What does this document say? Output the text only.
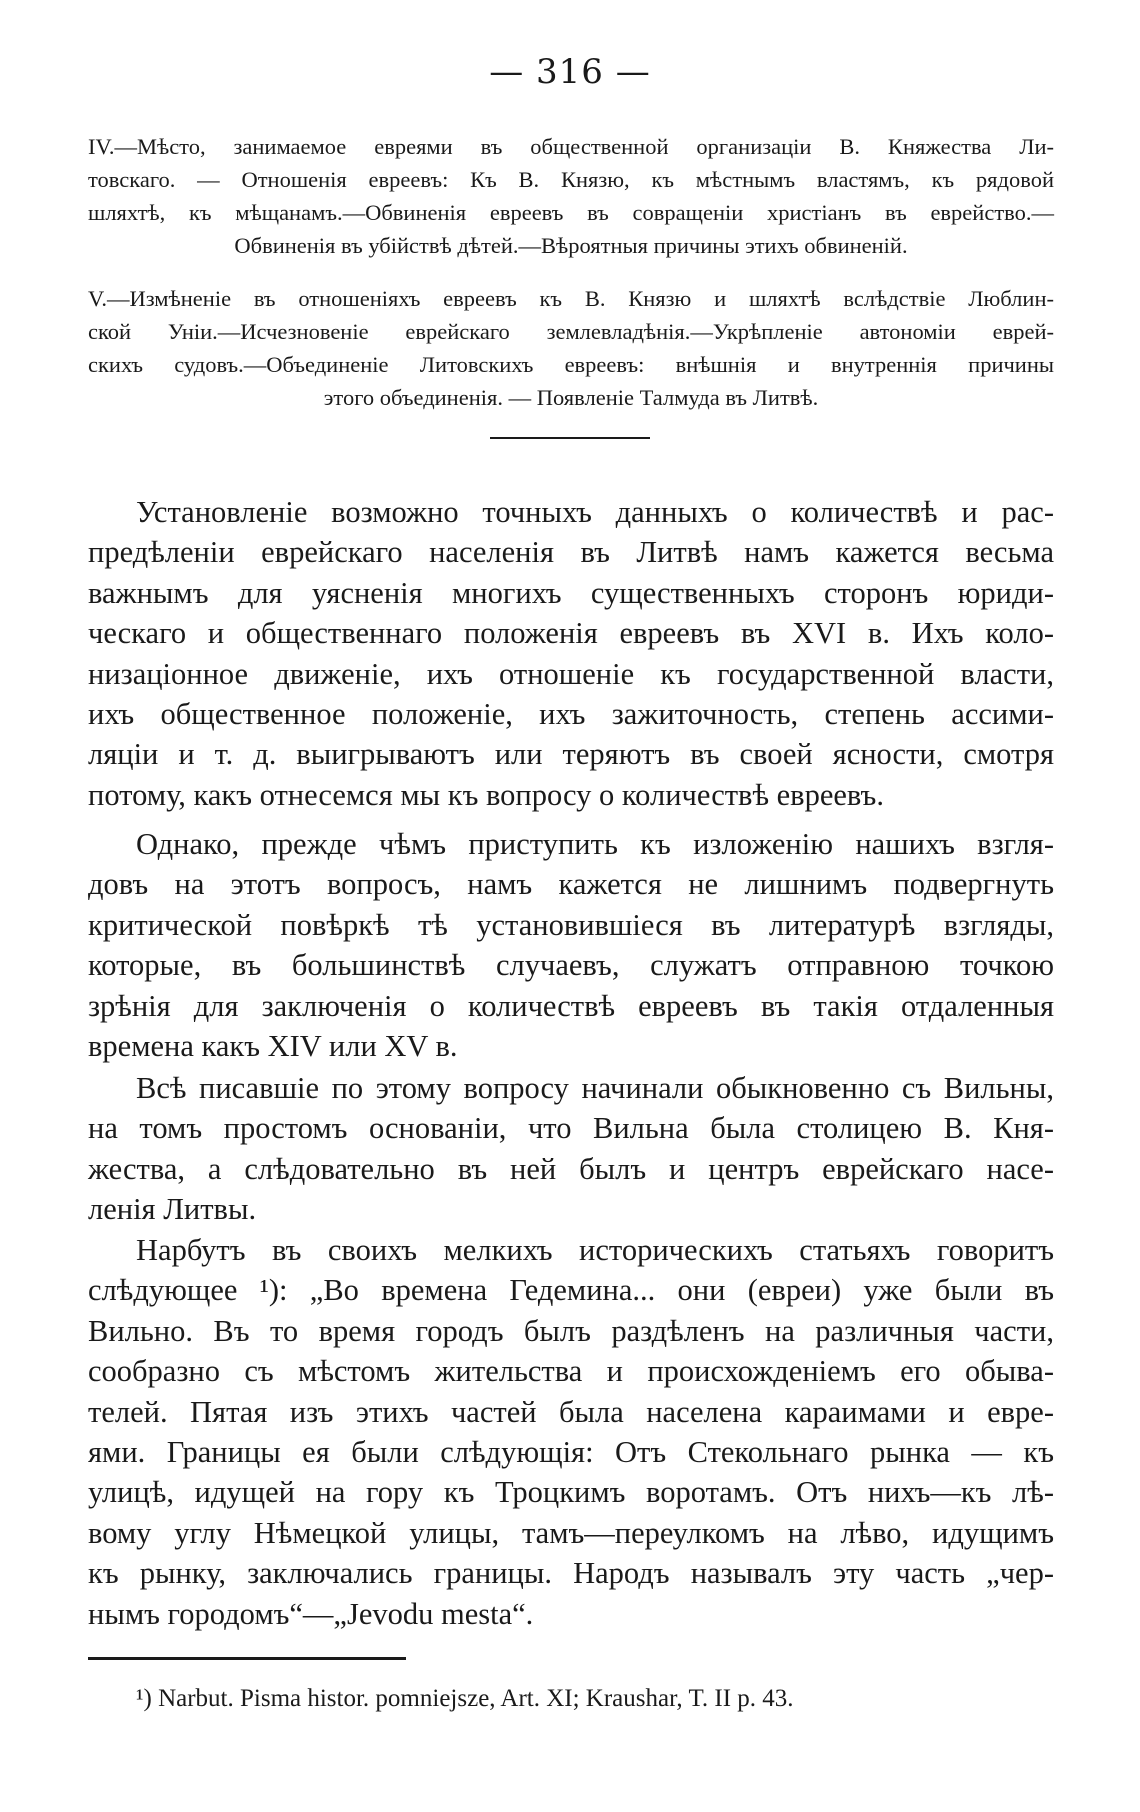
— 316 —
IV.—Мѣсто, занимаемое евреями въ общественной организаціи В. Княжества Ли-
товскаго. — Отношенія евреевъ: Къ В. Князю, къ мѣстнымъ властямъ, къ рядовой
шляхтѣ, къ мѣщанамъ.—Обвиненія евреевъ въ совращеніи христіанъ въ еврейство.—
Обвиненія въ убійствѣ дѣтей.—Вѣроятныя причины этихъ обвиненій.
V.—Измѣненіе въ отношеніяхъ евреевъ къ В. Князю и шляхтѣ вслѣдствіе Люблин-
ской Уніи.—Исчезновеніе еврейскаго землевладѣнія.—Укрѣпленіе автономіи еврей-
скихъ судовъ.—Объединеніе Литовскихъ евреевъ: внѣшнія и внутреннія причины
этого объединенія. — Появленіе Талмуда въ Литвѣ.
Установленіе возможно точныхъ данныхъ о количествѣ и рас-
предѣленіи еврейскаго населенія въ Литвѣ намъ кажется весьма
важнымъ для уясненія многихъ существенныхъ сторонъ юриди-
ческаго и общественнаго положенія евреевъ въ XVI в. Ихъ коло-
низаціонное движеніе, ихъ отношеніе къ государственной власти,
ихъ общественное положеніе, ихъ зажиточность, степень ассими-
ляціи и т. д. выигрываютъ или теряютъ въ своей ясности, смотря
потому, какъ отнесемся мы къ вопросу о количествѣ евреевъ.
Однако, прежде чѣмъ приступить къ изложенію нашихъ взгля-
довъ на этотъ вопросъ, намъ кажется не лишнимъ подвергнуть
критической повѣркѣ тѣ установившіеся въ литературѣ взгляды,
которые, въ большинствѣ случаевъ, служатъ отправною точкою
зрѣнія для заключенія о количествѣ евреевъ въ такія отдаленныя
времена какъ XIV или XV в.
Всѣ писавшіе по этому вопросу начинали обыкновенно съ Вильны,
на томъ простомъ основаніи, что Вильна была столицею В. Кня-
жества, а слѣдовательно въ ней былъ и центръ еврейскаго насе-
ленія Литвы.
Нарбутъ въ своихъ мелкихъ историческихъ статьяхъ говоритъ
слѣдующее ¹): „Во времена Гедемина... они (евреи) уже были въ
Вильно. Въ то время городъ былъ раздѣленъ на различныя части,
сообразно съ мѣстомъ жительства и происхожденіемъ его обыва-
телей. Пятая изъ этихъ частей была населена караимами и евре-
ями. Границы ея были слѣдующія: Отъ Стекольнаго рынка — къ
улицѣ, идущей на гору къ Троцкимъ воротамъ. Отъ нихъ—къ лѣ-
вому углу Нѣмецкой улицы, тамъ—переулкомъ на лѣво, идущимъ
къ рынку, заключались границы. Народъ называлъ эту часть „чер-
нымъ городомъ“—„Jevodu mesta“.
¹) Narbut. Pisma histor. pomniejsze, Art. XI; Kraushar, T. II p. 43.
